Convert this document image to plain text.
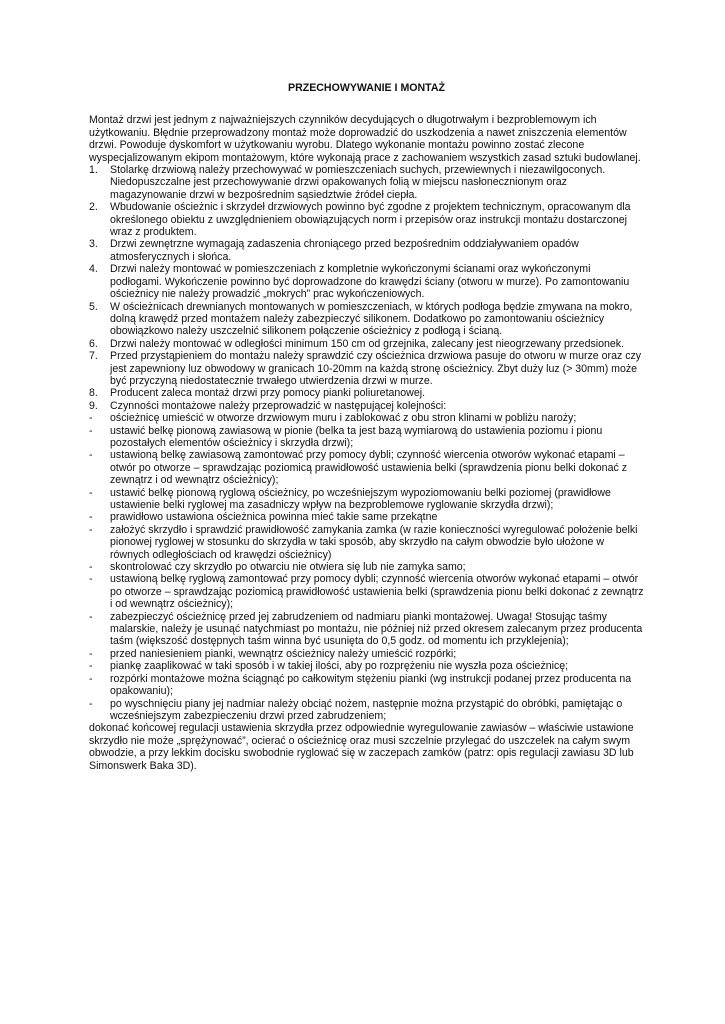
PRZECHOWYWANIE I MONTAŻ

Montaż drzwi jest jednym z najważniejszych czynników decydujących o długotrwałym i bezproblemowym ich użytkowaniu. Błędnie przeprowadzony montaż może doprowadzić do uszkodzenia a nawet zniszczenia elementów drzwi. Powoduje dyskomfort w użytkowaniu wyrobu. Dlatego wykonanie montażu powinno zostać zlecone wyspecjalizowanym ekipom montażowym, które wykonają prace z zachowaniem wszystkich zasad sztuki budowlanej.

1. Stolarkę drzwiową należy przechowywać w pomieszczeniach suchych, przewiewnych i niezawilgoconych. Niedopuszczalne jest przechowywanie drzwi opakowanych folią w miejscu nasłonecznionym oraz magazynowanie drzwi w bezpośrednim sąsiedztwie źródeł ciepła.
2. Wbudowanie ościeżnic i skrzydeł drzwiowych powinno być zgodne z projektem technicznym, opracowanym dla określonego obiektu z uwzględnieniem obowiązujących norm i przepisów oraz instrukcji montażu dostarczonej wraz z produktem.
3. Drzwi zewnętrzne wymagają zadaszenia chroniącego przed bezpośrednim oddziaływaniem opadów atmosferycznych i słońca.
4. Drzwi należy montować w pomieszczeniach z kompletnie wykończonymi ścianami oraz wykończonymi podłogami. Wykończenie powinno być doprowadzone do krawędzi ściany (otworu w murze). Po zamontowaniu ościeżnicy nie należy prowadzić „mokrych” prac wykończeniowych.
5. W ościeżnicach drewnianych montowanych w pomieszczeniach, w których podłoga będzie zmywana na mokro, dolną krawędź przed montażem należy zabezpieczyć silikonem. Dodatkowo po zamontowaniu ościeżnicy obowiązkowo należy uszczelnić silikonem połączenie ościeżnicy z podłogą i ścianą.
6. Drzwi należy montować w odległości minimum 150 cm od grzejnika, zalecany jest nieogrzewany przedsionek.
7. Przed przystąpieniem do montażu należy sprawdzić czy ościeżnica drzwiowa pasuje do otworu w murze oraz czy jest zapewniony luz obwodowy w granicach 10-20mm na każdą stronę ościeżnicy. Zbyt duży luz (> 30mm) może być przyczyną niedostatecznie trwałego utwierdzenia drzwi w murze.
8. Producent zaleca montaż drzwi przy pomocy pianki poliuretanowej.
9. Czynności montażowe należy przeprowadzić w następującej kolejności:
- ościeżnicę umieścić w otworze drzwiowym muru i zablokować z obu stron klinami w pobliżu naroży;
- ustawić belkę pionową zawiasową w pionie (belka ta jest bazą wymiarową do ustawienia poziomu i pionu pozostałych elementów ościeżnicy i skrzydła drzwi);
- ustawioną belkę zawiasową zamontować przy pomocy dybli; czynność wiercenia otworów wykonać etapami – otwór po otworze – sprawdzając poziomicą prawidłowość ustawienia belki (sprawdzenia pionu belki dokonać z zewnątrz i od wewnątrz ościeżnicy);
- ustawić belkę pionową ryglową ościeżnicy, po wcześniejszym wypoziomowaniu belki poziomej (prawidłowe ustawienie belki ryglowej ma zasadniczy wpływ na bezproblemowe ryglowanie skrzydła drzwi);
- prawidłowo ustawiona ościeżnica powinna mieć takie same przekątne
- założyć skrzydło i sprawdzić prawidłowość zamykania zamka (w razie konieczności wyregulować położenie belki pionowej ryglowej w stosunku do skrzydła w taki sposób, aby skrzydło na całym obwodzie było ułożone w równych odległościach od krawędzi ościeżnicy)
- skontrolować czy skrzydło po otwarciu nie otwiera się lub nie zamyka samo;
- ustawioną belkę ryglową zamontować przy pomocy dybli; czynność wiercenia otworów wykonać etapami – otwór po otworze – sprawdzając poziomicą prawidłowość ustawienia belki (sprawdzenia pionu belki dokonać z zewnątrz i od wewnątrz ościeżnicy);
- zabezpieczyć ościeżnicę przed jej zabrudzeniem od nadmiaru pianki montażowej. Uwaga! Stosując taśmy malarskie, należy je usunąć natychmiast po montażu, nie później niż przed okresem zalecanym przez producenta taśm (większość dostępnych taśm winna być usunięta do 0,5 godz. od momentu ich przyklejenia);
- przed naniesieniem pianki, wewnątrz ościeżnicy należy umieścić rozpórki;
- piankę zaaplikować w taki sposób i w takiej ilości, aby po rozprężeniu nie wyszła poza ościeżnicę;
- rozpórki montażowe można ściągnąć po całkowitym stężeniu pianki (wg instrukcji podanej przez producenta na opakowaniu);
- po wyschnięciu piany jej nadmiar należy obciąć nożem, następnie można przystąpić do obróbki, pamiętając o wcześniejszym zabezpieczeniu drzwi przed zabrudzeniem;

dokonać końcowej regulacji ustawienia skrzydła przez odpowiednie wyregulowanie zawiasów – właściwie ustawione skrzydło nie może „sprężynować”, ocierać o ościeżnicę oraz musi szczelnie przylegać do uszczelek na całym swym obwodzie, a przy lekkim docisku swobodnie ryglować się w zaczepach zamków (patrz: opis regulacji zawiasu 3D lub Simonswerk Baka 3D).
